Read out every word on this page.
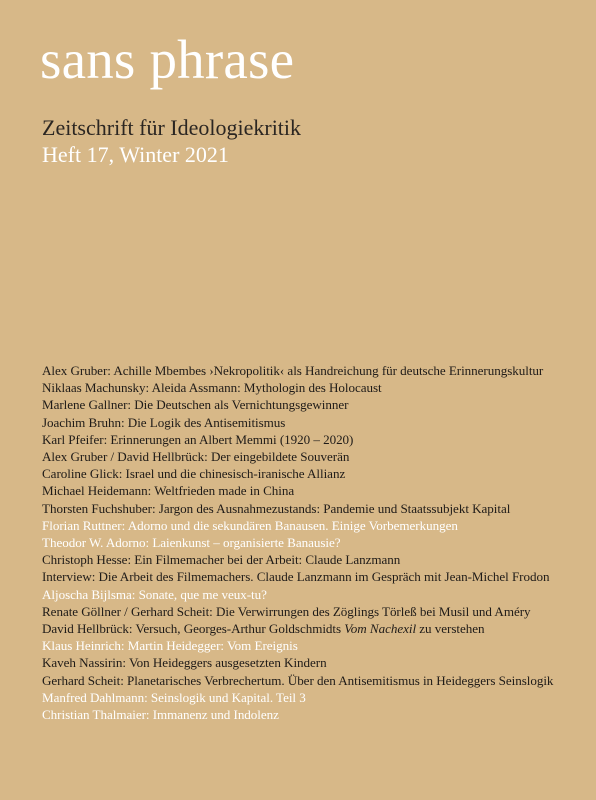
sans phrase
Zeitschrift für Ideologiekritik
Heft 17, Winter 2021
Alex Gruber: Achille Mbembes ›Nekropolitik‹ als Handreichung für deutsche Erinnerungskultur
Niklaas Machunsky: Aleida Assmann: Mythologin des Holocaust
Marlene Gallner: Die Deutschen als Vernichtungsgewinner
Joachim Bruhn: Die Logik des Antisemitismus
Karl Pfeifer: Erinnerungen an Albert Memmi (1920 – 2020)
Alex Gruber / David Hellbrück: Der eingebildete Souverän
Caroline Glick: Israel und die chinesisch-iranische Allianz
Michael Heidemann: Weltfrieden made in China
Thorsten Fuchshuber: Jargon des Ausnahmezustands: Pandemie und Staatssubjekt Kapital
Florian Ruttner: Adorno und die sekundären Banausen. Einige Vorbemerkungen
Theodor W. Adorno: Laienkunst – organisierte Banausie?
Christoph Hesse: Ein Filmemacher bei der Arbeit: Claude Lanzmann
Interview: Die Arbeit des Filmemachers. Claude Lanzmann im Gespräch mit Jean-Michel Frodon
Aljoscha Bijlsma: Sonate, que me veux-tu?
Renate Göllner / Gerhard Scheit: Die Verwirrungen des Zöglings Törleß bei Musil und Améry
David Hellbrück: Versuch, Georges-Arthur Goldschmidts Vom Nachexil zu verstehen
Klaus Heinrich: Martin Heidegger: Vom Ereignis
Kaveh Nassirin: Von Heideggers ausgesetzten Kindern
Gerhard Scheit: Planetarisches Verbrechertum. Über den Antisemitismus in Heideggers Seinslogik
Manfred Dahlmann: Seinslogik und Kapital. Teil 3
Christian Thalmaier: Immanenz und Indolenz
